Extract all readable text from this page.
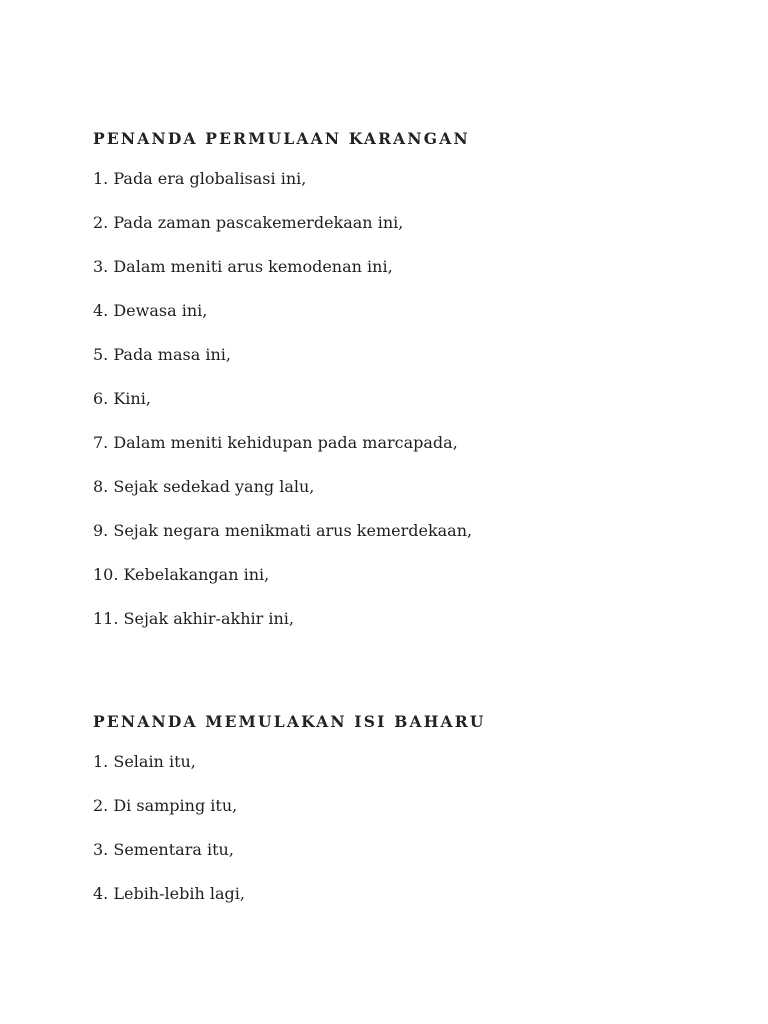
PENANDA PERMULAAN KARANGAN
1. Pada era globalisasi ini,
2. Pada zaman pascakemerdekaan ini,
3. Dalam meniti arus kemodenan ini,
4. Dewasa ini,
5. Pada masa ini,
6. Kini,
7. Dalam meniti kehidupan pada marcapada,
8. Sejak sedekad yang lalu,
9. Sejak negara menikmati arus kemerdekaan,
10. Kebelakangan ini,
11. Sejak akhir-akhir ini,
PENANDA MEMULAKAN ISI BAHARU
1. Selain itu,
2. Di samping itu,
3. Sementara itu,
4. Lebih-lebih lagi,
